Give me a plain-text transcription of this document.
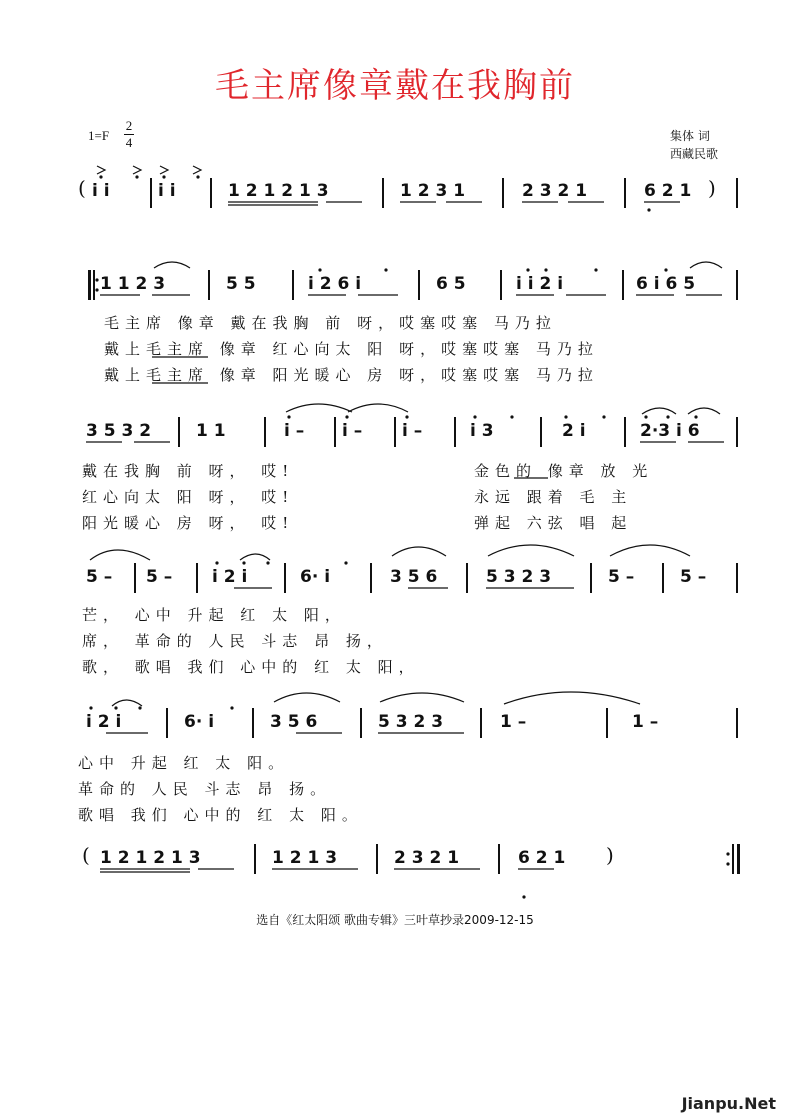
毛主席像章戴在我胸前
1=F
2
4	集体 词
西藏民歌
( i i	i i	1 2 1 2 1 3	1 2 3 1	2 3 2 1	6 2 1 )
1 1 2 3	5 5	i 2 6 i	6 5	i i 2 i	6 i 6 5
毛主席 像章 戴在我胸 前 呀，哎塞哎塞 马乃拉
戴上毛主席 像章 红心向太 阳 呀，哎塞哎塞 马乃拉
戴上毛主席 像章 阳光暖心 房 呀，哎塞哎塞 马乃拉
3 5 3 2	1 1	i – i – i –	i 3	2 i	2·3 i 6
戴在我胸 前 呀， 哎!
红心向太 阳 呀， 哎!
阳光暖心 房 呀， 哎!
金色的 像章 放 光
永远 跟着 毛 主
弹起 六弦 唱 起
5 – 5 – i 2 i	6· i	3 5 6	5 3 2 3	5 –	5 –
芒， 心中 升起 红 太 阳，
席， 革命的 人民 斗志 昂 扬，
歌， 歌唱 我们 心中的 红 太 阳，
i 2 i	6· i	3 5 6	5 3 2 3	1 –	1 –
心中 升起 红 太 阳。
革命的 人民 斗志 昂 扬。
歌唱 我们 心中的 红 太 阳。
( 1 2 1 2 1 3	1 2 1 3	2 3 2 1	6 2 1 )
选自《红太阳颂 歌曲专辑》三叶草抄录2009-12-15
Jianpu.Net
